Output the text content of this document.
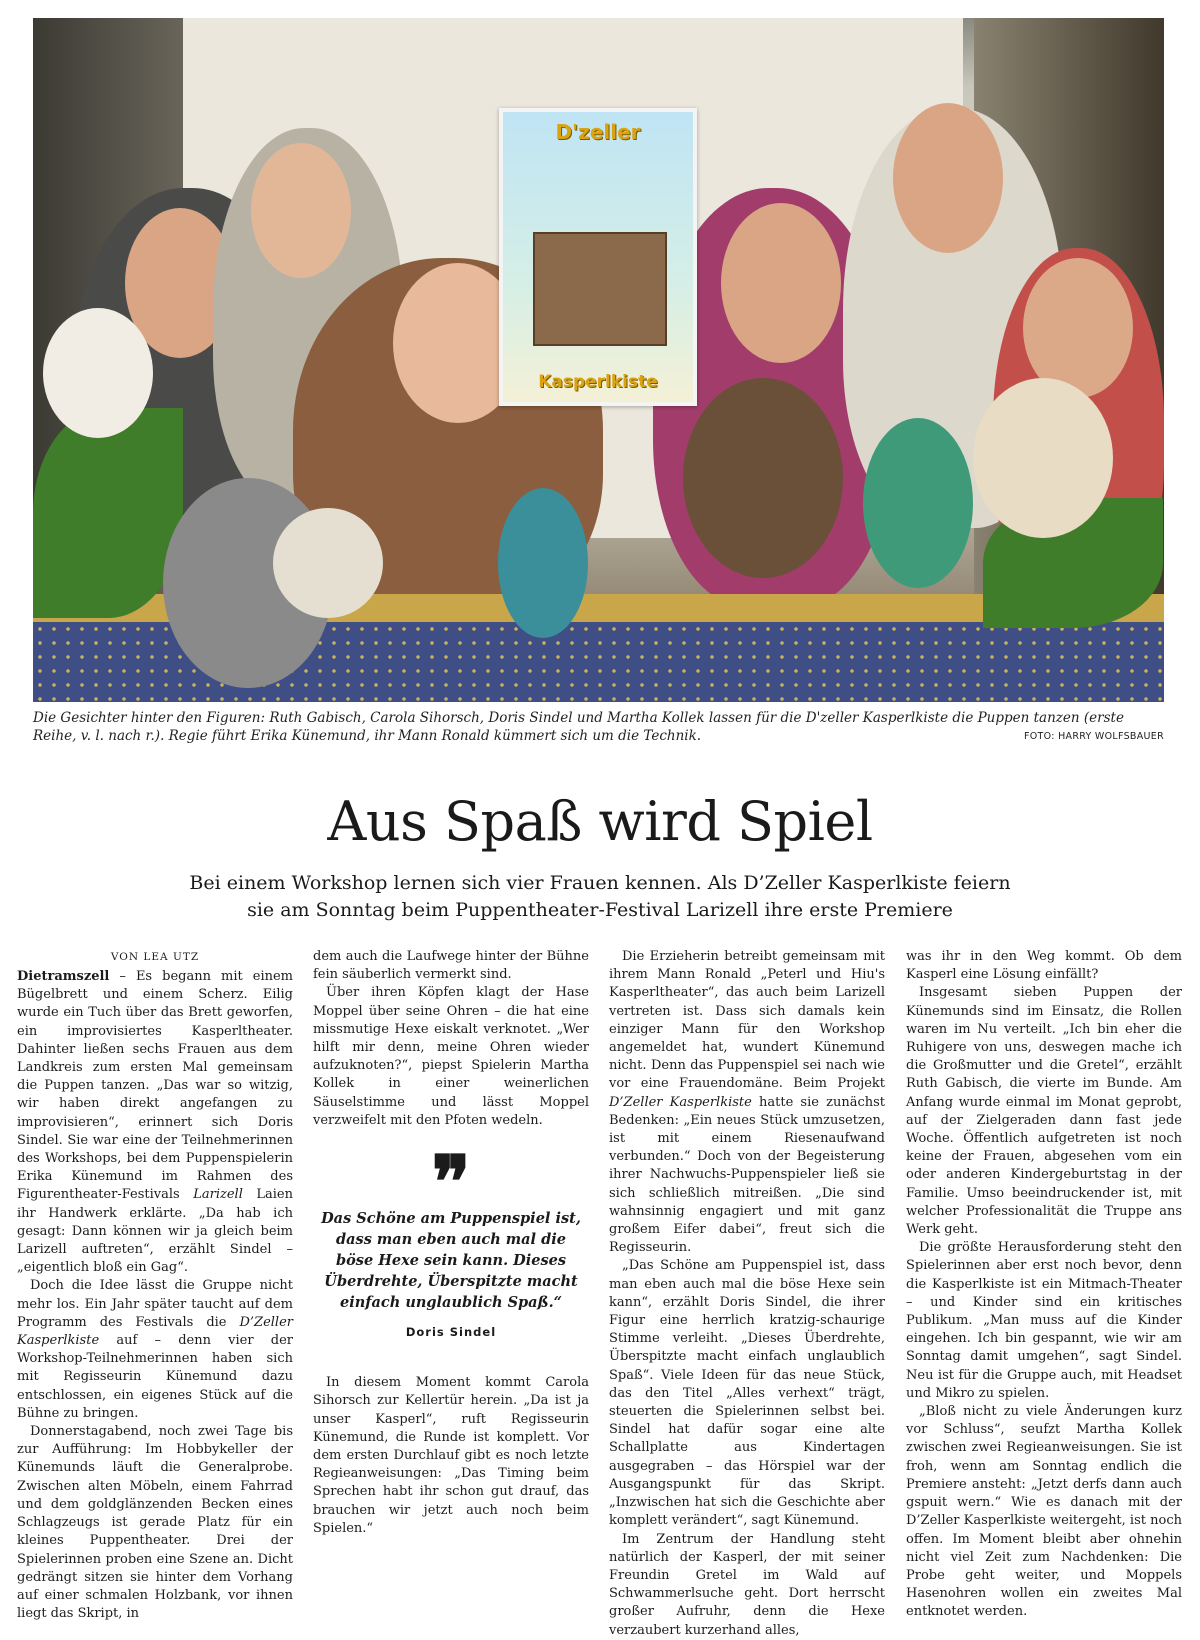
D'zeller
Kasperlkiste
Die Gesichter hinter den Figuren: Ruth Gabisch, Carola Sihorsch, Doris Sindel und Martha Kollek lassen für die D'zeller Kasperlkiste die Puppen tanzen (erste Reihe, v. l. nach r.). Regie führt Erika Künemund, ihr Mann Ronald kümmert sich um die Technik.	FOTO: HARRY WOLFSBAUER
Aus Spaß wird Spiel
Bei einem Workshop lernen sich vier Frauen kennen. Als D’Zeller Kasperlkiste feiern
sie am Sonntag beim Puppentheater-Festival Larizell ihre erste Premiere
VON LEA UTZ

Dietramszell – Es begann mit einem Bügelbrett und einem Scherz. Eilig wurde ein Tuch über das Brett geworfen, ein improvisiertes Kasperltheater. Dahinter ließen sechs Frauen aus dem Landkreis zum ersten Mal gemeinsam die Puppen tanzen. „Das war so witzig, wir haben direkt angefangen zu improvisieren“, erinnert sich Doris Sindel. Sie war eine der Teilnehmerinnen des Workshops, bei dem Puppenspielerin Erika Künemund im Rahmen des Figurentheater-Festivals Larizell Laien ihr Handwerk erklärte. „Da hab ich gesagt: Dann können wir ja gleich beim Larizell auftreten“, erzählt Sindel – „eigentlich bloß ein Gag“.

Doch die Idee lässt die Gruppe nicht mehr los. Ein Jahr später taucht auf dem Programm des Festivals die D’Zeller Kasperlkiste auf – denn vier der Workshop-Teilnehmerinnen haben sich mit Regisseurin Künemund dazu entschlossen, ein eigenes Stück auf die Bühne zu bringen.

Donnerstagabend, noch zwei Tage bis zur Aufführung: Im Hobbykeller der Künemunds läuft die Generalprobe. Zwischen alten Möbeln, einem Fahrrad und dem goldglänzenden Becken eines Schlagzeugs ist gerade Platz für ein kleines Puppentheater. Drei der Spielerinnen proben eine Szene an. Dicht gedrängt sitzen sie hinter dem Vorhang auf einer schmalen Holzbank, vor ihnen liegt das Skript, in

dem auch die Laufwege hinter der Bühne fein säuberlich vermerkt sind.

Über ihren Köpfen klagt der Hase Moppel über seine Ohren – die hat eine missmutige Hexe eiskalt verknotet. „Wer hilft mir denn, meine Ohren wieder aufzuknoten?“, piepst Spielerin Martha Kollek in einer weinerlichen Säuselstimme und lässt Moppel verzweifelt mit den Pfoten wedeln.

❞
Das Schöne am Puppenspiel ist, dass man eben auch mal die böse Hexe sein kann. Dieses Überdrehte, Überspitzte macht einfach unglaublich Spaß.“
Doris Sindel

In diesem Moment kommt Carola Sihorsch zur Kellertür herein. „Da ist ja unser Kasperl“, ruft Regisseurin Künemund, die Runde ist komplett. Vor dem ersten Durchlauf gibt es noch letzte Regieanweisungen: „Das Timing beim Sprechen habt ihr schon gut drauf, das brauchen wir jetzt auch noch beim Spielen.“

Die Erzieherin betreibt gemeinsam mit ihrem Mann Ronald „Peterl und Hiu's Kasperltheater“, das auch beim Larizell vertreten ist. Dass sich damals kein einziger Mann für den Workshop angemeldet hat, wundert Künemund nicht. Denn das Puppenspiel sei nach wie vor eine Frauendomäne. Beim Projekt D’Zeller Kasperlkiste hatte sie zunächst Bedenken: „Ein neues Stück umzusetzen, ist mit einem Riesenaufwand verbunden.“ Doch von der Begeisterung ihrer Nachwuchs-Puppenspieler ließ sie sich schließlich mitreißen. „Die sind wahnsinnig engagiert und mit ganz großem Eifer dabei“, freut sich die Regisseurin.

„Das Schöne am Puppenspiel ist, dass man eben auch mal die böse Hexe sein kann“, erzählt Doris Sindel, die ihrer Figur eine herrlich kratzig-schaurige Stimme verleiht. „Dieses Überdrehte, Überspitzte macht einfach unglaublich Spaß“. Viele Ideen für das neue Stück, das den Titel „Alles verhext“ trägt, steuerten die Spielerinnen selbst bei. Sindel hat dafür sogar eine alte Schallplatte aus Kindertagen ausgegraben – das Hörspiel war der Ausgangspunkt für das Skript. „Inzwischen hat sich die Geschichte aber komplett verändert“, sagt Künemund.

Im Zentrum der Handlung steht natürlich der Kasperl, der mit seiner Freundin Gretel im Wald auf Schwammerlsuche geht. Dort herrscht großer Aufruhr, denn die Hexe verzaubert kurzerhand alles,

was ihr in den Weg kommt. Ob dem Kasperl eine Lösung einfällt?

Insgesamt sieben Puppen der Künemunds sind im Einsatz, die Rollen waren im Nu verteilt. „Ich bin eher die Ruhigere von uns, deswegen mache ich die Großmutter und die Gretel“, erzählt Ruth Gabisch, die vierte im Bunde. Am Anfang wurde einmal im Monat geprobt, auf der Zielgeraden dann fast jede Woche. Öffentlich aufgetreten ist noch keine der Frauen, abgesehen vom ein oder anderen Kindergeburtstag in der Familie. Umso beeindruckender ist, mit welcher Professionalität die Truppe ans Werk geht.

Die größte Herausforderung steht den Spielerinnen aber erst noch bevor, denn die Kasperlkiste ist ein Mitmach-Theater – und Kinder sind ein kritisches Publikum. „Man muss auf die Kinder eingehen. Ich bin gespannt, wie wir am Sonntag damit umgehen“, sagt Sindel. Neu ist für die Gruppe auch, mit Headset und Mikro zu spielen.

„Bloß nicht zu viele Änderungen kurz vor Schluss“, seufzt Martha Kollek zwischen zwei Regieanweisungen. Sie ist froh, wenn am Sonntag endlich die Premiere ansteht: „Jetzt derfs dann auch gspuit wern.“ Wie es danach mit der D’Zeller Kasperlkiste weitergeht, ist noch offen. Im Moment bleibt aber ohnehin nicht viel Zeit zum Nachdenken: Die Probe geht weiter, und Moppels Hasenohren wollen ein zweites Mal entknotet werden.
